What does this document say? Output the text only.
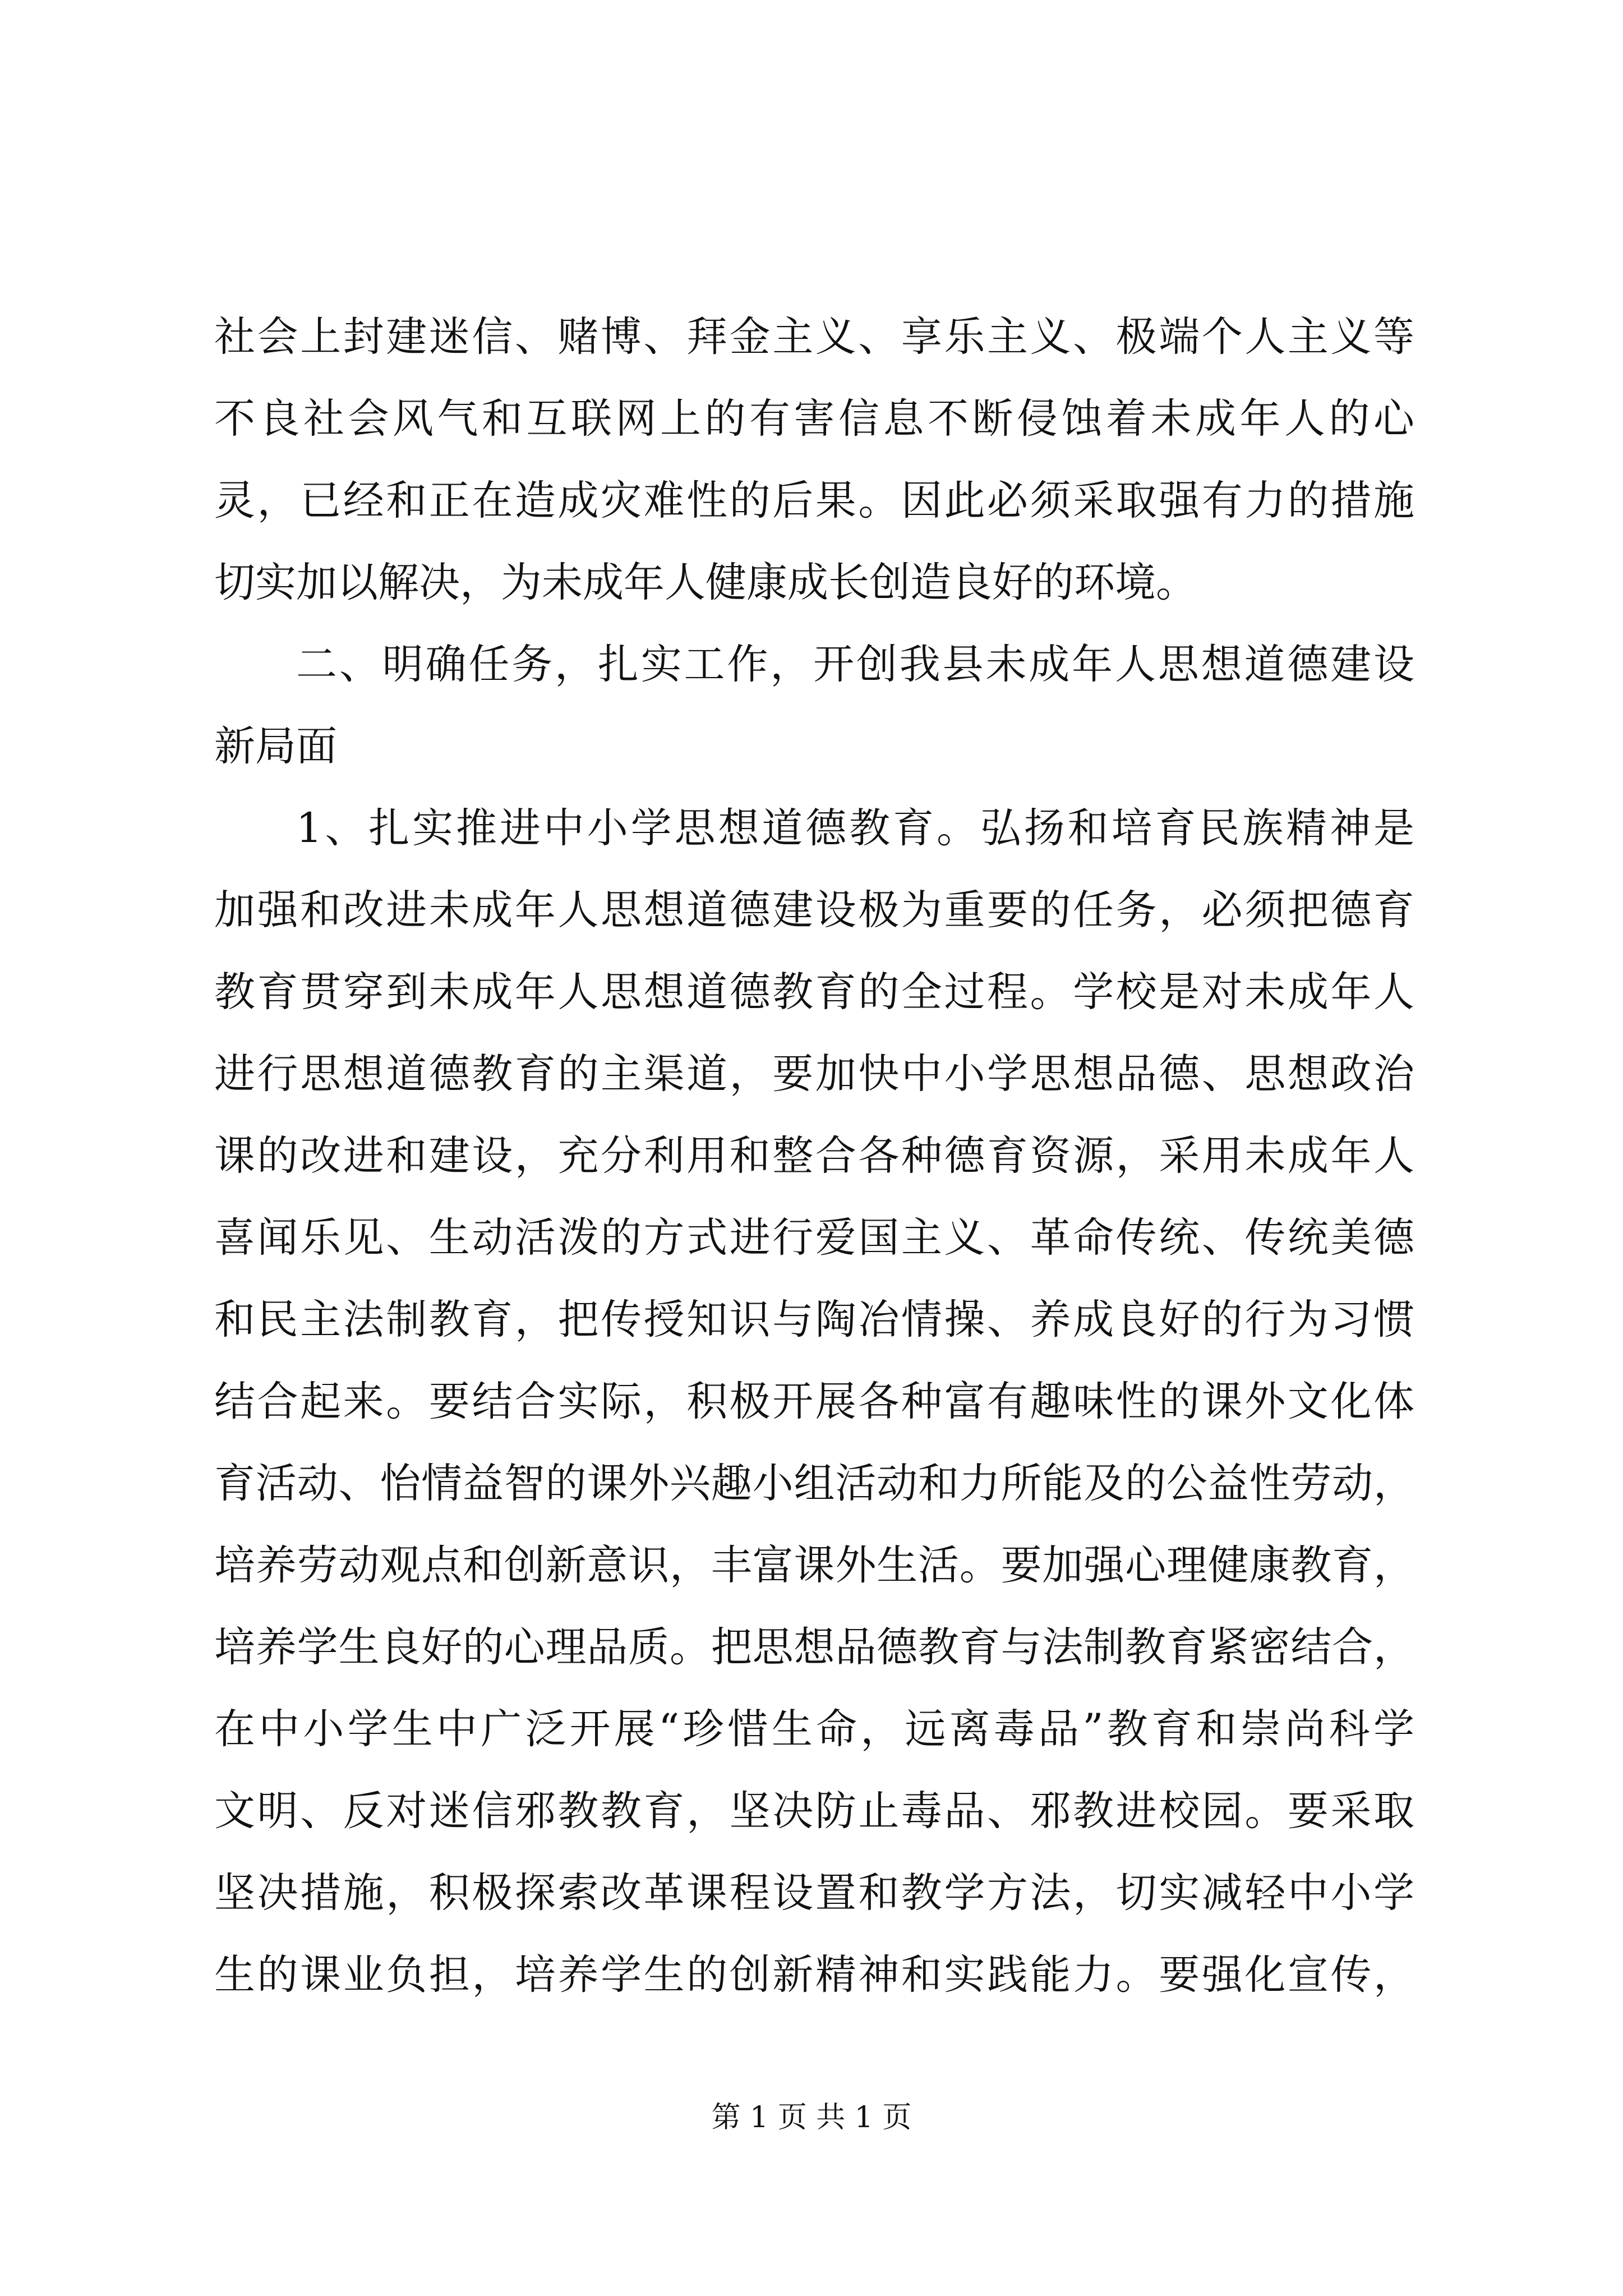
社会上封建迷信、赌博、拜金主义、享乐主义、极端个人主义等
不良社会风气和互联网上的有害信息不断侵蚀着未成年人的心
灵，已经和正在造成灾难性的后果。因此必须采取强有力的措施
切实加以解决，为未成年人健康成长创造良好的环境。
二、明确任务，扎实工作，开创我县未成年人思想道德建设
新局面
1、扎实推进中小学思想道德教育。弘扬和培育民族精神是
加强和改进未成年人思想道德建设极为重要的任务，必须把德育
教育贯穿到未成年人思想道德教育的全过程。学校是对未成年人
进行思想道德教育的主渠道，要加快中小学思想品德、思想政治
课的改进和建设，充分利用和整合各种德育资源，采用未成年人
喜闻乐见、生动活泼的方式进行爱国主义、革命传统、传统美德
和民主法制教育，把传授知识与陶冶情操、养成良好的行为习惯
结合起来。要结合实际，积极开展各种富有趣味性的课外文化体
育活动、怡情益智的课外兴趣小组活动和力所能及的公益性劳动，
培养劳动观点和创新意识，丰富课外生活。要加强心理健康教育，
培养学生良好的心理品质。把思想品德教育与法制教育紧密结合，
在中小学生中广泛开展“珍惜生命，远离毒品”教育和崇尚科学
文明、反对迷信邪教教育，坚决防止毒品、邪教进校园。要采取
坚决措施，积极探索改革课程设置和教学方法，切实减轻中小学
生的课业负担，培养学生的创新精神和实践能力。要强化宣传，
第 1 页 共 1 页
